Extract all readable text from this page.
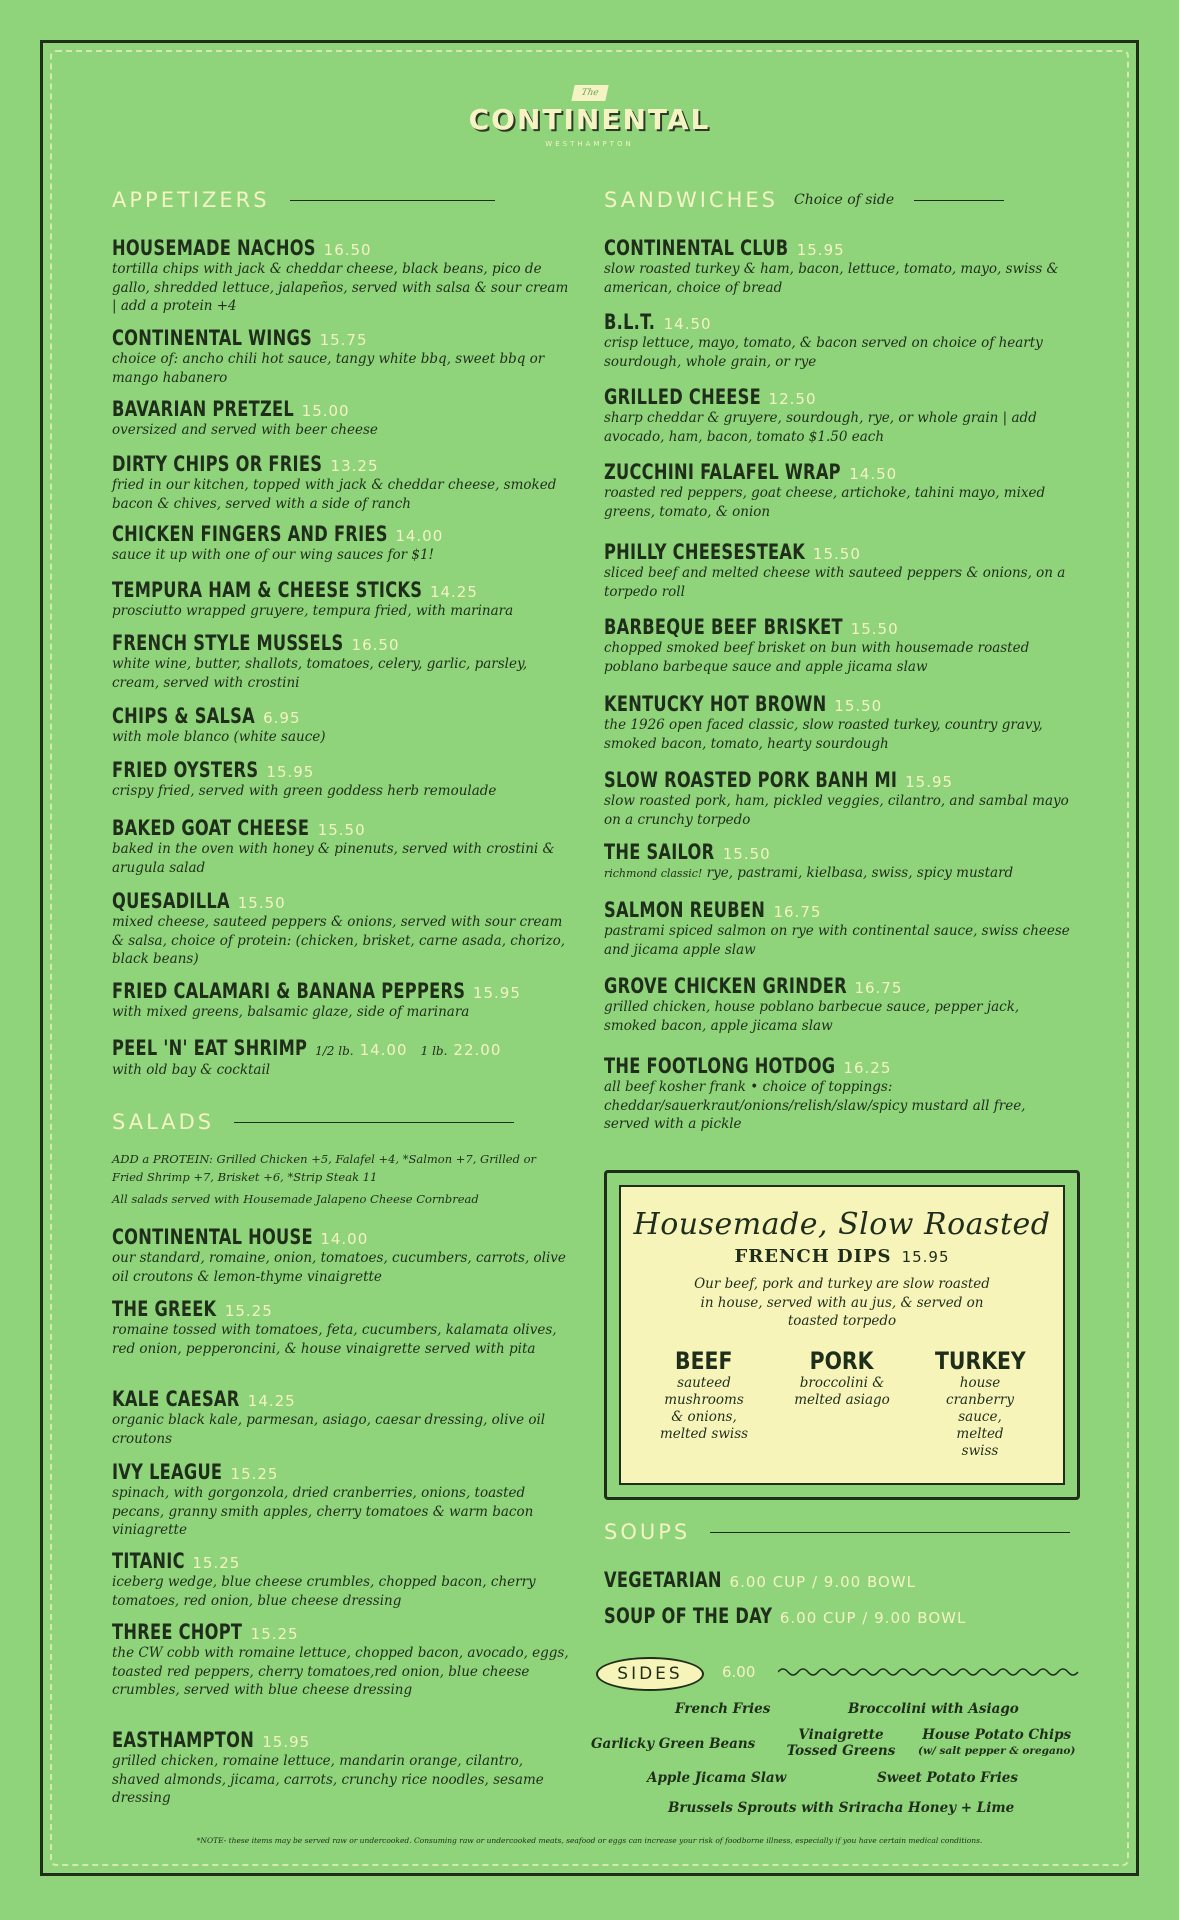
The
CONTINENTAL
WESTHAMPTON
APPETIZERS
HOUSEMADE NACHOS 16.50
tortilla chips with jack & cheddar cheese, black beans, pico de gallo, shredded lettuce, jalapeños, served with salsa & sour cream | add a protein +4
CONTINENTAL WINGS 15.75
choice of: ancho chili hot sauce, tangy white bbq, sweet bbq or mango habanero
BAVARIAN PRETZEL 15.00
oversized and served with beer cheese
DIRTY CHIPS OR FRIES 13.25
fried in our kitchen, topped with jack & cheddar cheese, smoked bacon & chives, served with a side of ranch
CHICKEN FINGERS AND FRIES 14.00
sauce it up with one of our wing sauces for $1!
TEMPURA HAM & CHEESE STICKS 14.25
prosciutto wrapped gruyere, tempura fried, with marinara
FRENCH STYLE MUSSELS 16.50
white wine, butter, shallots, tomatoes, celery, garlic, parsley, cream, served with crostini
CHIPS & SALSA 6.95
with mole blanco (white sauce)
FRIED OYSTERS 15.95
crispy fried, served with green goddess herb remoulade
BAKED GOAT CHEESE 15.50
baked in the oven with honey & pinenuts, served with crostini & arugula salad
QUESADILLA 15.50
mixed cheese, sauteed peppers & onions, served with sour cream & salsa, choice of protein: (chicken, brisket, carne asada, chorizo, black beans)
FRIED CALAMARI & BANANA PEPPERS 15.95
with mixed greens, balsamic glaze, side of marinara
PEEL 'N' EAT SHRIMP 1/2 lb. 14.00 1 lb. 22.00
with old bay & cocktail
SALADS
ADD a PROTEIN: Grilled Chicken +5, Falafel +4, *Salmon +7, Grilled or Fried Shrimp +7, Brisket +6, *Strip Steak 11
All salads served with Housemade Jalapeno Cheese Cornbread
CONTINENTAL HOUSE 14.00
our standard, romaine, onion, tomatoes, cucumbers, carrots, olive oil croutons & lemon-thyme vinaigrette
THE GREEK 15.25
romaine tossed with tomatoes, feta, cucumbers, kalamata olives, red onion, pepperoncini, & house vinaigrette served with pita
KALE CAESAR 14.25
organic black kale, parmesan, asiago, caesar dressing, olive oil croutons
IVY LEAGUE 15.25
spinach, with gorgonzola, dried cranberries, onions, toasted pecans, granny smith apples, cherry tomatoes & warm bacon viniagrette
TITANIC 15.25
iceberg wedge, blue cheese crumbles, chopped bacon, cherry tomatoes, red onion, blue cheese dressing
THREE CHOPT 15.25
the CW cobb with romaine lettuce, chopped bacon, avocado, eggs, toasted red peppers, cherry tomatoes,red onion, blue cheese crumbles, served with blue cheese dressing
EASTHAMPTON 15.95
grilled chicken, romaine lettuce, mandarin orange, cilantro, shaved almonds, jicama, carrots, crunchy rice noodles, sesame dressing
SANDWICHES Choice of side
CONTINENTAL CLUB 15.95
slow roasted turkey & ham, bacon, lettuce, tomato, mayo, swiss & american, choice of bread
B.L.T. 14.50
crisp lettuce, mayo, tomato, & bacon served on choice of hearty sourdough, whole grain, or rye
GRILLED CHEESE 12.50
sharp cheddar & gruyere, sourdough, rye, or whole grain | add avocado, ham, bacon, tomato $1.50 each
ZUCCHINI FALAFEL WRAP 14.50
roasted red peppers, goat cheese, artichoke, tahini mayo, mixed greens, tomato, & onion
PHILLY CHEESESTEAK 15.50
sliced beef and melted cheese with sauteed peppers & onions, on a torpedo roll
BARBEQUE BEEF BRISKET 15.50
chopped smoked beef brisket on bun with housemade roasted poblano barbeque sauce and apple jicama slaw
KENTUCKY HOT BROWN 15.50
the 1926 open faced classic, slow roasted turkey, country gravy, smoked bacon, tomato, hearty sourdough
SLOW ROASTED PORK BANH MI 15.95
slow roasted pork, ham, pickled veggies, cilantro, and sambal mayo on a crunchy torpedo
THE SAILOR 15.50
richmond classic! rye, pastrami, kielbasa, swiss, spicy mustard
SALMON REUBEN 16.75
pastrami spiced salmon on rye with continental sauce, swiss cheese and jicama apple slaw
GROVE CHICKEN GRINDER 16.75
grilled chicken, house poblano barbecue sauce, pepper jack, smoked bacon, apple jicama slaw
THE FOOTLONG HOTDOG 16.25
all beef kosher frank • choice of toppings: cheddar/sauerkraut/onions/relish/slaw/spicy mustard all free, served with a pickle
SOUPS
VEGETARIAN 6.00 CUP / 9.00 BOWL
SOUP OF THE DAY 6.00 CUP / 9.00 BOWL
Housemade, Slow Roasted
FRENCH DIPS 15.95
Our beef, pork and turkey are slow roasted in house, served with au jus, & served on toasted torpedo
BEEF
sauteed mushrooms & onions, melted swiss
PORK
broccolini & melted asiago
TURKEY
house cranberry sauce, melted swiss
SIDES	6.00
French Fries	Broccolini with Asiago
Garlicky Green Beans
Vinaigrette Tossed Greens
House Potato Chips
(w/ salt pepper & oregano)
Apple Jicama Slaw	Sweet Potato Fries
Brussels Sprouts with Sriracha Honey + Lime
*NOTE- these items may be served raw or undercooked. Consuming raw or undercooked meats, seafood or eggs can increase your risk of foodborne illness, especially if you have certain medical conditions.
